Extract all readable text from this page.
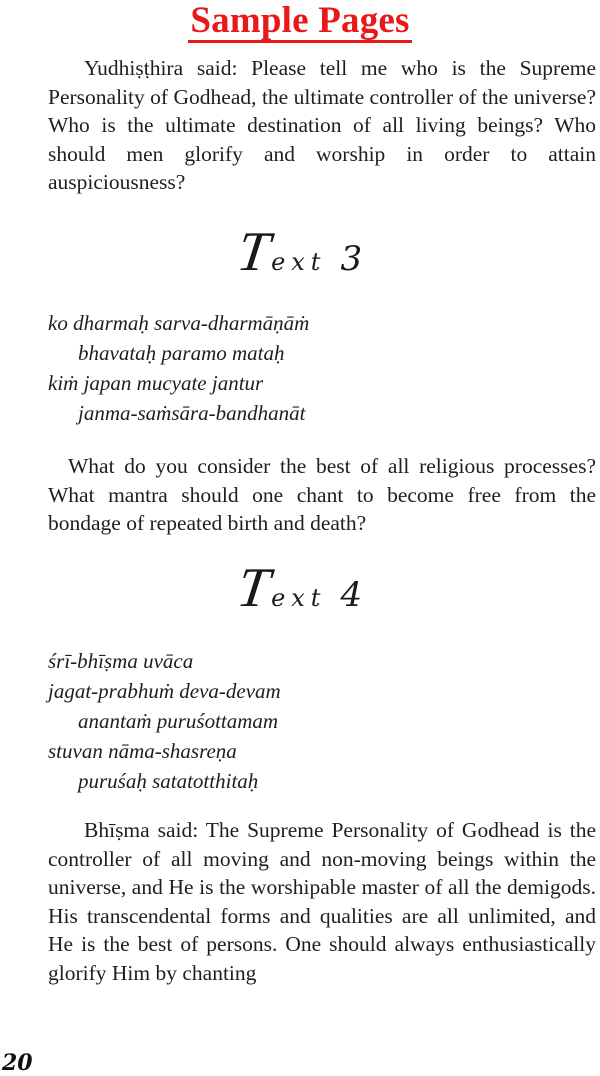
Sample Pages

Yudhiṣṭhira said: Please tell me who is the Supreme Personality of Godhead, the ultimate controller of the universe? Who is the ultimate destination of all living beings? Who should men glorify and worship in order to attain auspiciousness?

T
ext 3
ko dharmaḥ sarva-dharmāṇāṁ
bhavataḥ paramo mataḥ
kiṁ japan mucyate jantur
janma-saṁsāra-bandhanāt

What do you consider the best of all religious processes? What mantra should one chant to become free from the bondage of repeated birth and death?

T
ext 4
śrī-bhīṣma uvāca
jagat-prabhuṁ deva-devam
anantaṁ puruśottamam
stuvan nāma-shasreṇa
puruśaḥ satatotthitaḥ

Bhīṣma said: The Supreme Personality of Godhead is the controller of all moving and non-moving beings within the universe, and He is the worshipable master of all the demigods. His transcendental forms and qualities are all unlimited, and He is the best of persons. One should always enthusiastically glorify Him by chanting

20
